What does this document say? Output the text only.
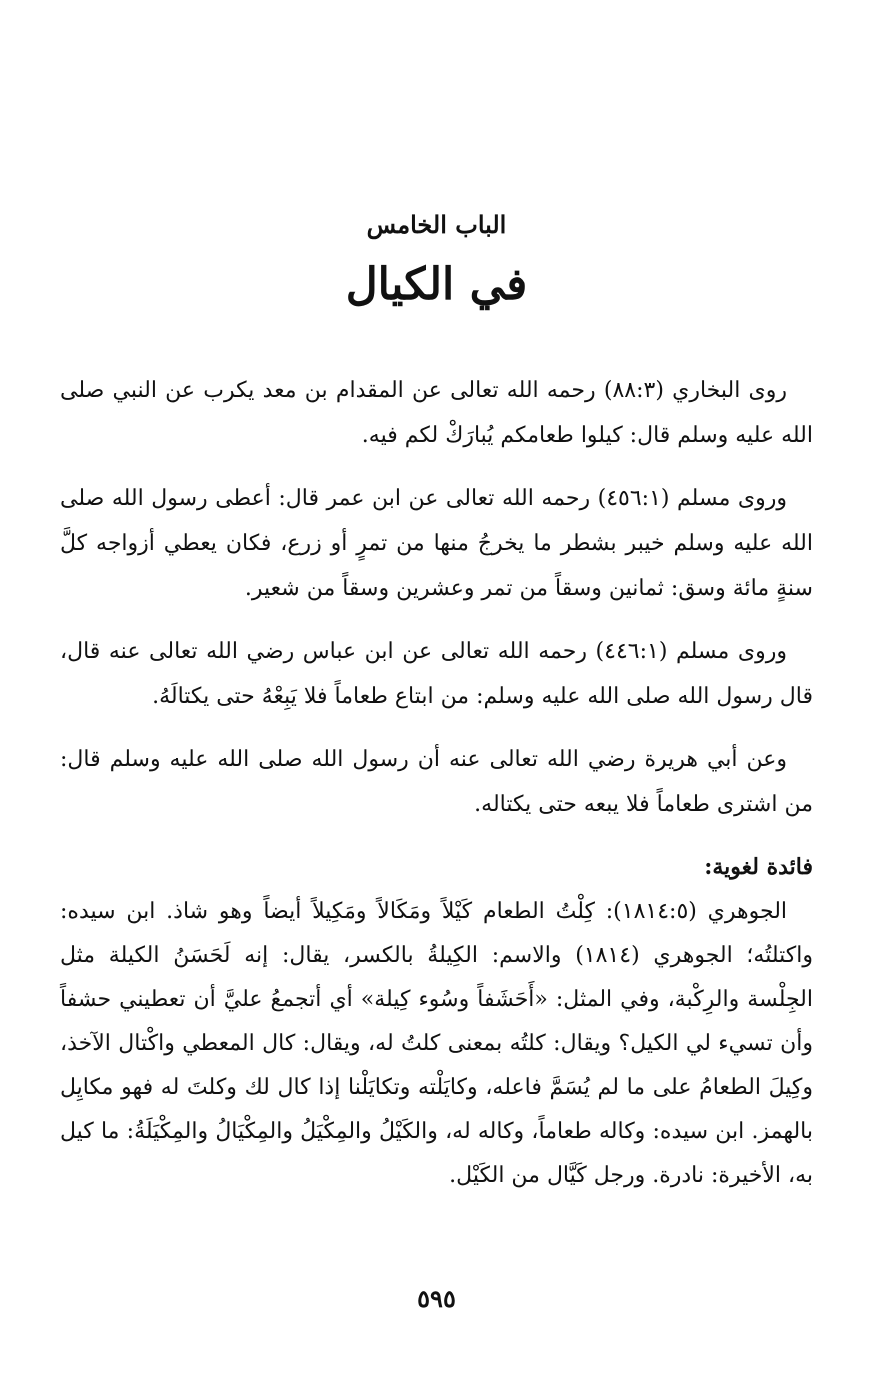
الباب الخامس
في الكيال

روى البخاري (٨٨:٣) رحمه الله تعالى عن المقدام بن معد يكرب عن النبي صلى الله عليه وسلم قال: كيلوا طعامكم يُبارَكْ لكم فيه.

وروى مسلم (٤٥٦:١) رحمه الله تعالى عن ابن عمر قال: أعطى رسول الله صلى الله عليه وسلم خيبر بشطر ما يخرجُ منها من تمرٍ أو زرع، فكان يعطي أزواجه كلَّ سنةٍ مائة وسق: ثمانين وسقاً من تمر وعشرين وسقاً من شعير.

وروى مسلم (٤٤٦:١) رحمه الله تعالى عن ابن عباس رضي الله تعالى عنه قال، قال رسول الله صلى الله عليه وسلم: من ابتاع طعاماً فلا يَبِعْهُ حتى يكتالَهُ.

وعن أبي هريرة رضي الله تعالى عنه أن رسول الله صلى الله عليه وسلم قال: من اشترى طعاماً فلا يبعه حتى يكتاله.

فائدة لغوية:

الجوهري (١٨١٤:٥): كِلْتُ الطعام كَيْلاً ومَكَالاً ومَكِيلاً أيضاً وهو شاذ. ابن سيده: واكتلتُه؛ الجوهري (١٨١٤) والاسم: الكِيلةُ بالكسر، يقال: إنه لَحَسَنُ الكيلة مثل الجِلْسة والرِكْبة، وفي المثل: «أَحَشَفاً وسُوء كِيلة» أي أتجمعُ عليَّ أن تعطيني حشفاً وأن تسيء لي الكيل؟ ويقال: كلتُه بمعنى كلتُ له، ويقال: كال المعطي واكْتال الآخذ، وكِيلَ الطعامُ على ما لم يُسَمَّ فاعله، وكايَلْته وتكايَلْنا إذا كال لك وكلتَ له فهو مكايِل بالهمز. ابن سيده: وكاله طعاماً، وكاله له، والكَيْلُ والمِكْيَلُ والمِكْيَالُ والمِكْيَلَةُ: ما كيل به، الأخيرة: نادرة. ورجل كَيَّال من الكَيْل.

٥٩٥
